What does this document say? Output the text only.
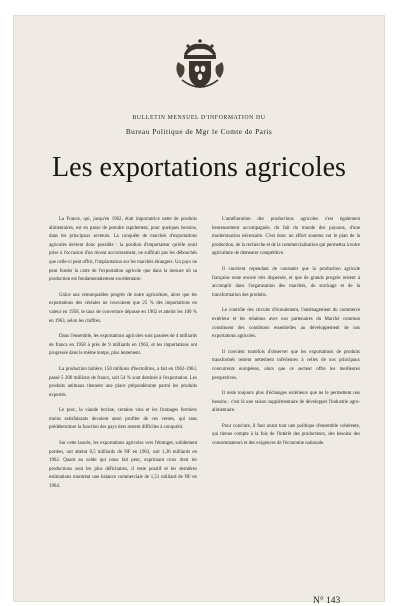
BULLETIN MENSUEL D'INFORMATION DU
Bureau Politique de Mgr le Comte de Paris
Les exportations agricoles

La France, qui, jusqu'en 1962, était importatrice nette de produits alimentaires, est en passe de prendre rapidement, pour quelques besoins, dans les principaux secteurs. La conquête de marchés d'exportations agricoles devient donc possible : la position d'importateur qu'elle avait prise à l'occasion d'un récent accroissement, ne suffirait pas les débouchés que celle-ci peut offrir, l'implantation sur les marchés étrangers. Un pays ne peut fonder la carte de l'exportation agricole que dans la mesure où sa production est fondamentalement excédentaire.

Grâce aux remarquables progrès de notre agriculture, alors que les exportations des céréales ne couvraient que 25 % des importations en valeur en 1958, le taux de couverture dépasse en 1962 et atteint les 100 % en 1963, selon les chiffres.

Dans l'ensemble, les exportations agricoles sont passées de 4 milliards de francs en 1958 à près de 9 milliards en 1963, et les importations ont progressé dans le même temps, plus lentement.

La production laitière, 150 millions d'hectolitres, a fait en 1962-1963, passé 5 200 millions de francs, soit 54 % sont destinés à l'exportation. Les produits animaux tiennent une place prépondérante parmi les produits exportés.

Le porc, la viande bovine, certains vins et les fromages fermiers moins satisfaisants devaient aussi profiter de ces ventes, qui sans prédéterminer la fonction des pays tiers restent difficiles à conquérir.

Sur cette lancée, les exportations agricoles vers l'étranger, solidement portées, ont atteint 8,5 milliards de NF en 1963, soit 1,36 milliards en 1962. Quant au solde qui nous fait peur, exprimant ceux dont les productions sont les plus déficitaires, il reste positif et les dernières estimations montrent une balance commerciale de 1,51 milliard de NF en 1964.

L'amélioration des productions agricoles s'est également heureusement accompagnée, du fait du monde des paysans, d'une modernisation nécessaire. C'est donc un effort soutenu sur le plan de la production, de la recherche et de la commercialisation qui permettra à notre agriculture de demeurer compétitive.

Il convient cependant de constater que la production agricole française reste encore très dispersée, et que de grands progrès restent à accomplir dans l'organisation des marchés, du stockage et de la transformation des produits.

Le contrôle des circuits d'écoulement, l'aménagement du commerce extérieur et les relations avec nos partenaires du Marché commun constituent des conditions essentielles au développement de nos exportations agricoles.

Il convient toutefois d'observer que les exportations de produits transformés restent nettement inférieures à celles de nos principaux concurrents européens, alors que ce secteur offre les meilleures perspectives.

Il reste toujours plus d'échanges extérieurs que ne le permettent nos besoins : c'est là une raison supplémentaire de développer l'industrie agro-alimentaire.

Pour conclure, il faut avant tout une politique d'ensemble cohérente, qui tienne compte à la fois de l'intérêt des producteurs, des besoins des consommateurs et des exigences de l'économie nationale.

N° 143
